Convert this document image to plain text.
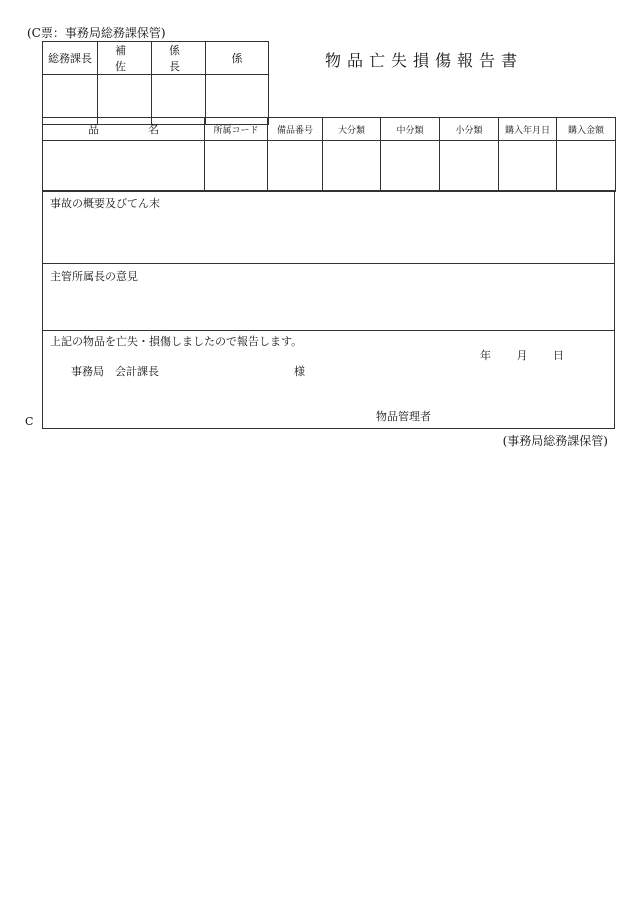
(C票：事務局総務課保管)
物品亡失損傷報告書
C
(事務局総務課保管)
総務課長	補　佐	係　長	係

品 名	所属コード	備品番号	大分類	中分類	小分類	購入年月日	購入金額

事故の概要及びてん末
主管所属長の意見
上記の物品を亡失・損傷しましたので報告します。
年 月 日
事務局　会計課長	様
物品管理者
